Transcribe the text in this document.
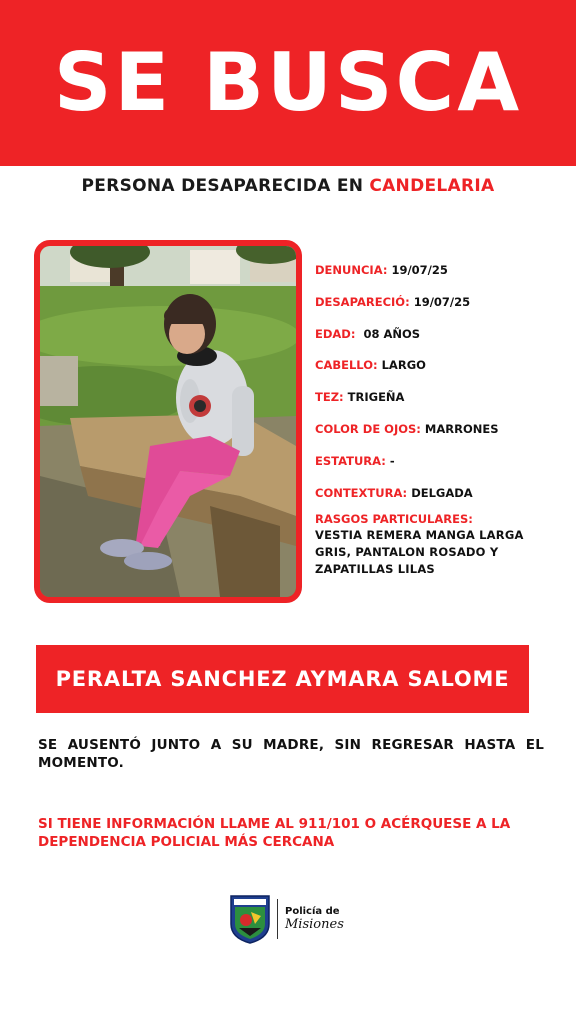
SE BUSCA
PERSONA DESAPARECIDA EN CANDELARIA
DENUNCIA: 19/07/25
DESAPARECIÓ: 19/07/25
EDAD: 08 AÑOS
CABELLO: LARGO
TEZ: TRIGEÑA
COLOR DE OJOS: MARRONES
ESTATURA: -
CONTEXTURA: DELGADA
RASGOS PARTICULARES:
VESTIA REMERA MANGA LARGA
GRIS, PANTALON ROSADO Y
ZAPATILLAS LILAS
PERALTA SANCHEZ AYMARA SALOME
SE AUSENTÓ JUNTO A SU MADRE, SIN REGRESAR HASTA EL MOMENTO.
SI TIENE INFORMACIÓN LLAME AL 911/101 O ACÉRQUESE A LA
DEPENDENCIA POLICIAL MÁS CERCANA
Policía de
Misiones
